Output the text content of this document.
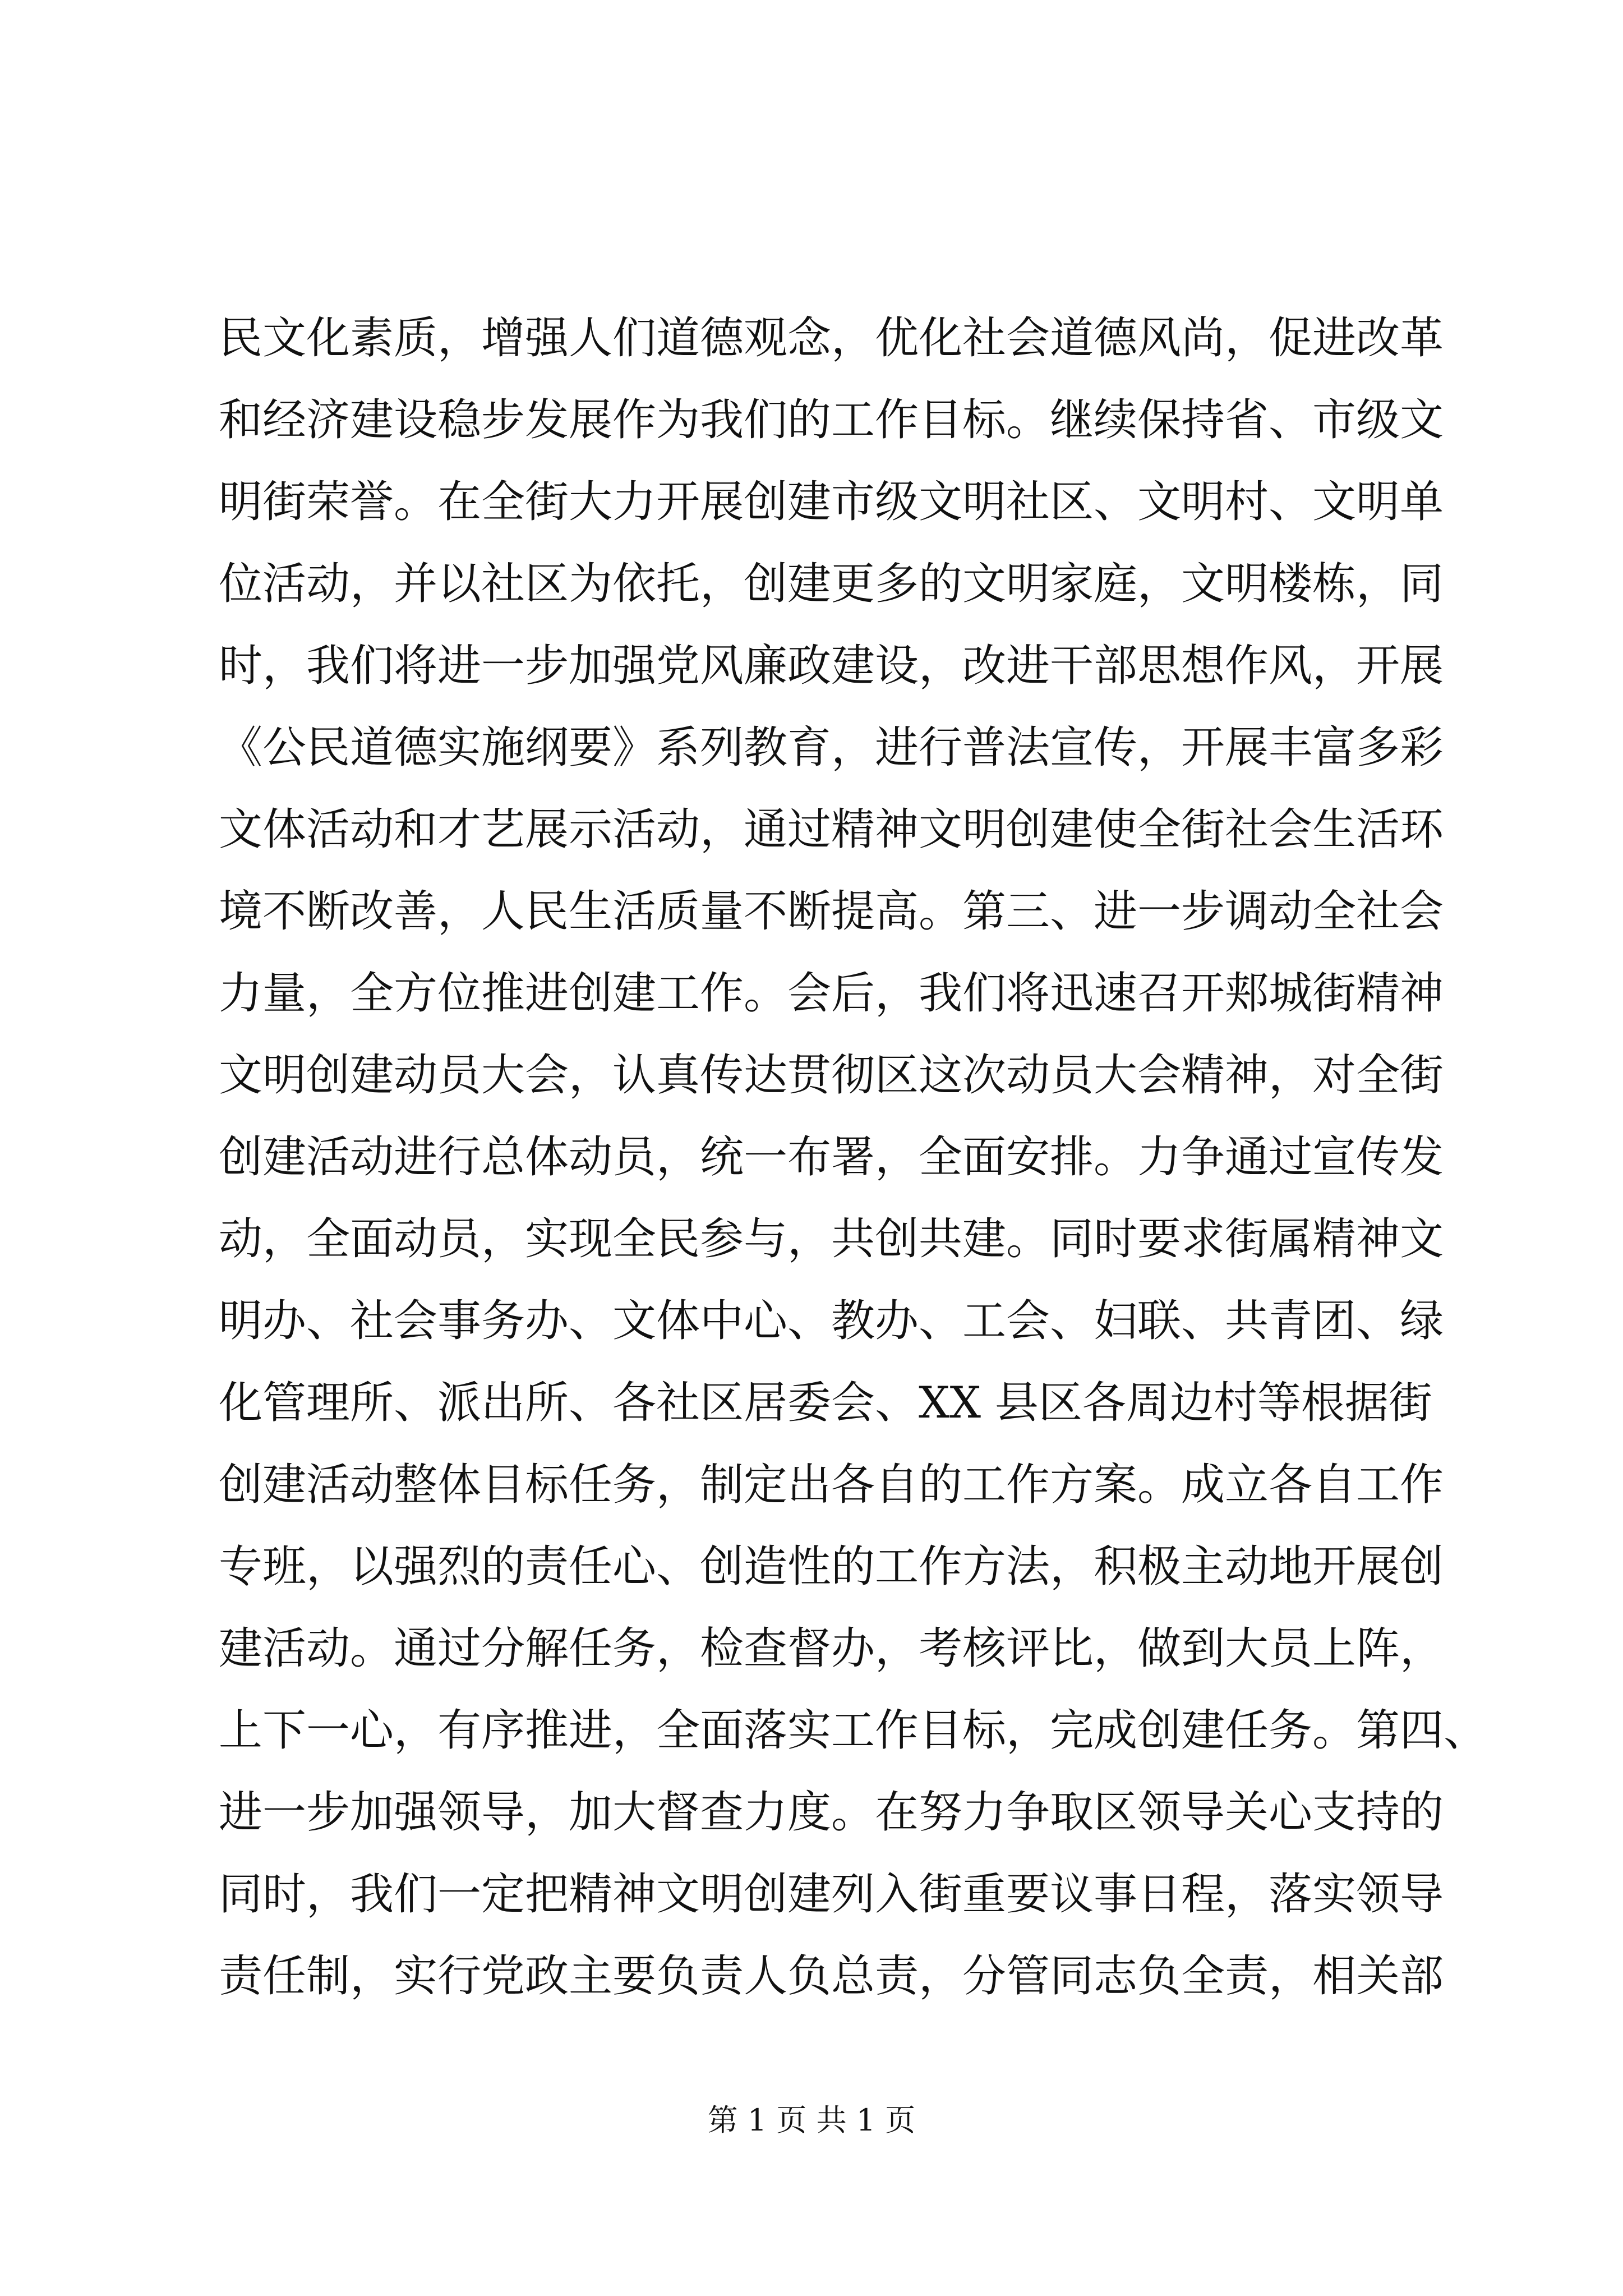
民文化素质，增强人们道德观念，优化社会道德风尚，促进改革
和经济建设稳步发展作为我们的工作目标。继续保持省、市级文
明街荣誉。在全街大力开展创建市级文明社区、文明村、文明单
位活动，并以社区为依托，创建更多的文明家庭，文明楼栋，同
时，我们将进一步加强党风廉政建设，改进干部思想作风，开展
《公民道德实施纲要》系列教育，进行普法宣传，开展丰富多彩
文体活动和才艺展示活动，通过精神文明创建使全街社会生活环
境不断改善，人民生活质量不断提高。第三、进一步调动全社会
力量，全方位推进创建工作。会后，我们将迅速召开郏城街精神
文明创建动员大会，认真传达贯彻区这次动员大会精神，对全街
创建活动进行总体动员，统一布署，全面安排。力争通过宣传发
动，全面动员，实现全民参与，共创共建。同时要求街属精神文
明办、社会事务办、文体中心、教办、工会、妇联、共青团、绿
化管理所、派出所、各社区居委会、XX 县区各周边村等根据街
创建活动整体目标任务，制定出各自的工作方案。成立各自工作
专班，以强烈的责任心、创造性的工作方法，积极主动地开展创
建活动。通过分解任务，检查督办，考核评比，做到大员上阵，
上下一心，有序推进，全面落实工作目标，完成创建任务。第四、
进一步加强领导，加大督查力度。在努力争取区领导关心支持的
同时，我们一定把精神文明创建列入街重要议事日程，落实领导
责任制，实行党政主要负责人负总责，分管同志负全责，相关部
第 1 页 共 1 页
